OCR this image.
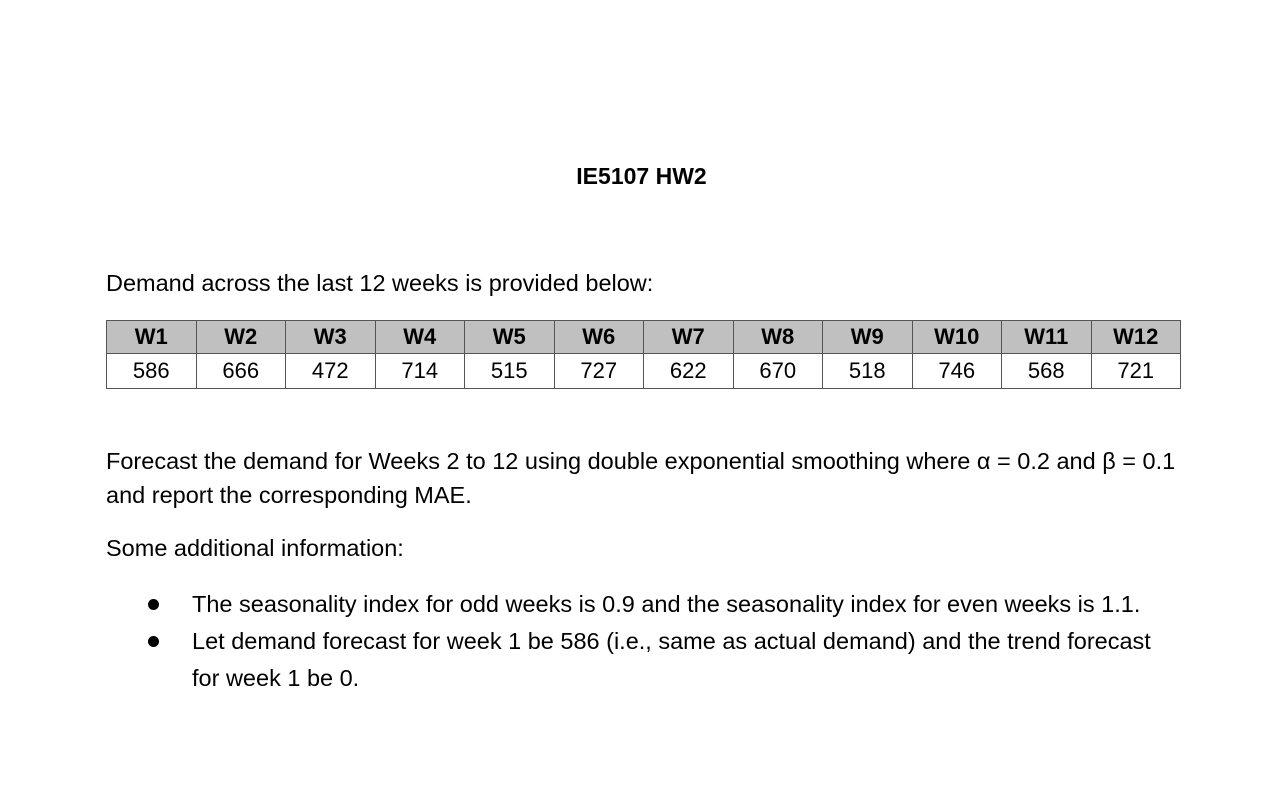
IE5107 HW2

Demand across the last 12 weeks is provided below:

W1	W2	W3	W4	W5	W6	W7	W8	W9	W10	W11	W12
586	666	472	714	515	727	622	670	518	746	568	721

Forecast the demand for Weeks 2 to 12 using double exponential smoothing where α = 0.2 and β = 0.1 and report the corresponding MAE.

Some additional information:

The seasonality index for odd weeks is 0.9 and the seasonality index for even weeks is 1.1.
Let demand forecast for week 1 be 586 (i.e., same as actual demand) and the trend forecast for week 1 be 0.
